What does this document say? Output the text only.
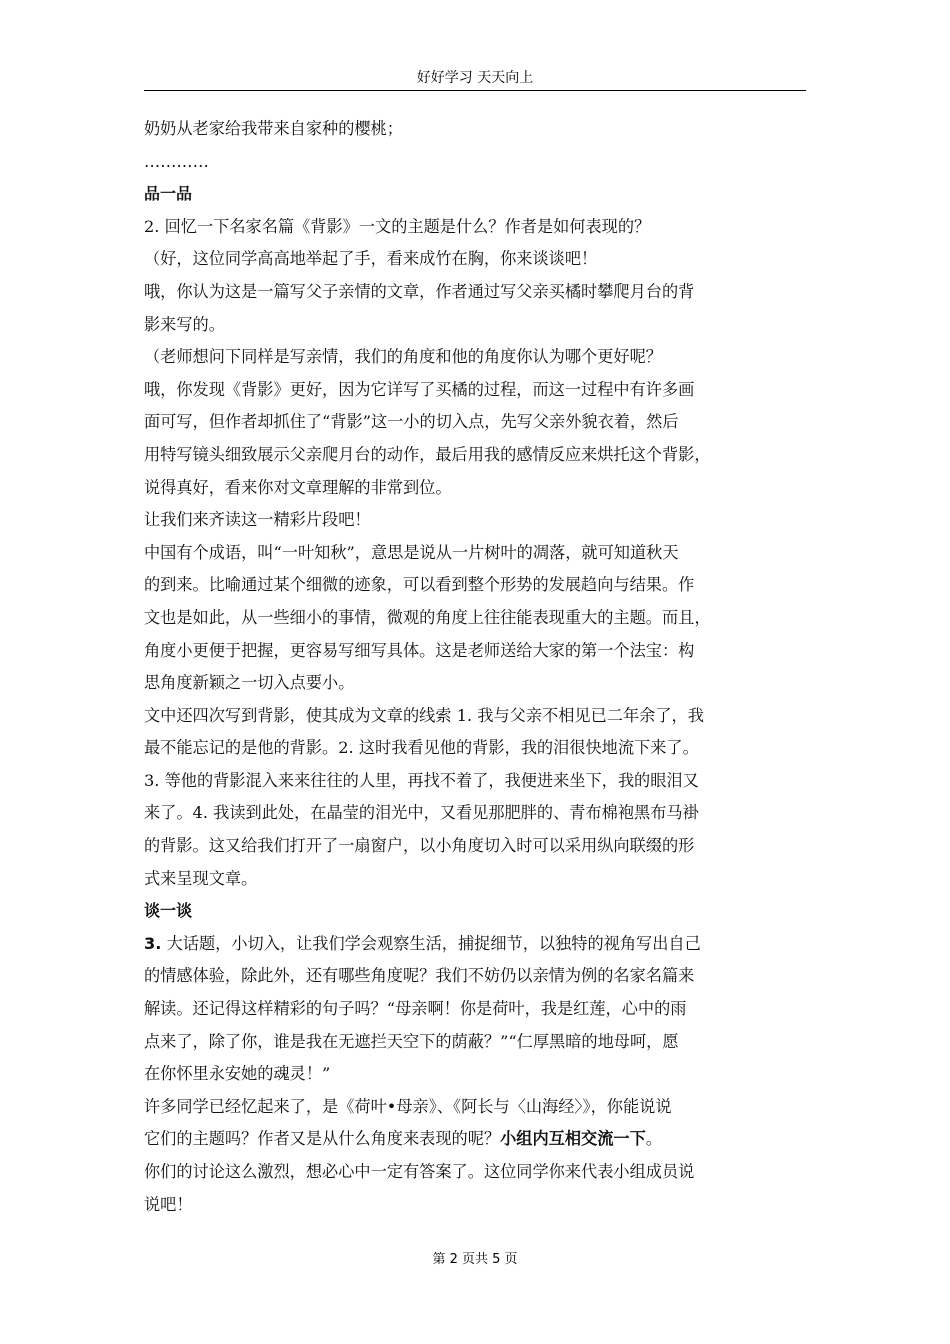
好好学习 天天向上

奶奶从老家给我带来自家种的樱桃；

…………

品一品

2. 回忆一下名家名篇《背影》一文的主题是什么？作者是如何表现的？

（好，这位同学高高地举起了手，看来成竹在胸，你来谈谈吧！

哦，你认为这是一篇写父子亲情的文章，作者通过写父亲买橘时攀爬月台的背

影来写的。

（老师想问下同样是写亲情，我们的角度和他的角度你认为哪个更好呢？

哦，你发现《背影》更好，因为它详写了买橘的过程，而这一过程中有许多画

面可写，但作者却抓住了“背影”这一小的切入点，先写父亲外貌衣着，然后

用特写镜头细致展示父亲爬月台的动作，最后用我的感情反应来烘托这个背影，

说得真好，看来你对文章理解的非常到位。

让我们来齐读这一精彩片段吧！

中国有个成语，叫“一叶知秋”，意思是说从一片树叶的凋落，就可知道秋天

的到来。比喻通过某个细微的迹象，可以看到整个形势的发展趋向与结果。作

文也是如此，从一些细小的事情，微观的角度上往往能表现重大的主题。而且，

角度小更便于把握，更容易写细写具体。这是老师送给大家的第一个法宝：构

思角度新颖之一切入点要小。

文中还四次写到背影，使其成为文章的线索 1. 我与父亲不相见已二年余了，我

最不能忘记的是他的背影。2. 这时我看见他的背影，我的泪很快地流下来了。

3. 等他的背影混入来来往往的人里，再找不着了，我便进来坐下，我的眼泪又

来了。4. 我读到此处，在晶莹的泪光中，又看见那肥胖的、青布棉袍黑布马褂

的背影。这又给我们打开了一扇窗户，以小角度切入时可以采用纵向联缀的形

式来呈现文章。

谈一谈

3. 大话题，小切入，让我们学会观察生活，捕捉细节，以独特的视角写出自己

的情感体验，除此外，还有哪些角度呢？我们不妨仍以亲情为例的名家名篇来

解读。还记得这样精彩的句子吗？“母亲啊！你是荷叶，我是红莲，心中的雨

点来了，除了你，谁是我在无遮拦天空下的荫蔽？”“仁厚黑暗的地母呵，愿

在你怀里永安她的魂灵！”

许多同学已经忆起来了，是《荷叶•母亲》、《阿长与〈山海经〉》，你能说说

它们的主题吗？作者又是从什么角度来表现的呢？小组内互相交流一下。

你们的讨论这么激烈，想必心中一定有答案了。这位同学你来代表小组成员说

说吧！

第 2 页共 5 页
